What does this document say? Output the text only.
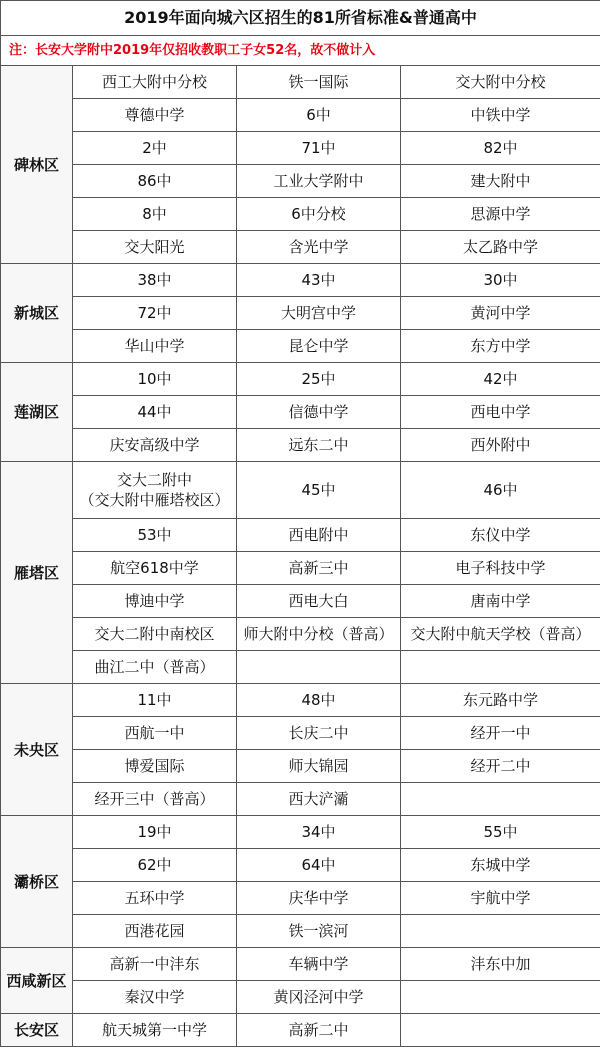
2019年面向城六区招生的81所省标准&普通高中			
注：长安大学附中2019年仅招收教职工子女52名，故不做计入			
碑林区	西工大附中分校	铁一国际	交大附中分校
	尊德中学	6中	中铁中学
	2中	71中	82中
	86中	工业大学附中	建大附中
	8中	6中分校	思源中学
	交大阳光	含光中学	太乙路中学
新城区	38中	43中	30中
	72中	大明宫中学	黄河中学
	华山中学	昆仑中学	东方中学
莲湖区	10中	25中	42中
	44中	信德中学	西电中学
	庆安高级中学	远东二中	西外附中
雁塔区	交大二附中
（交大附中雁塔校区）	45中	46中
	53中	西电附中	东仪中学
	航空618中学	高新三中	电子科技中学
	博迪中学	西电大白	唐南中学
	交大二附中南校区	师大附中分校（普高）	交大附中航天学校（普高）
	曲江二中（普高）		
未央区	11中	48中	东元路中学
	西航一中	长庆二中	经开一中
	博爱国际	师大锦园	经开二中
	经开三中（普高）	西大浐灞	
灞桥区	19中	34中	55中
	62中	64中	东城中学
	五环中学	庆华中学	宇航中学
	西港花园	铁一滨河	
西咸新区	高新一中沣东	车辆中学	沣东中加
	秦汉中学	黄冈泾河中学	
长安区	航天城第一中学	高新二中	
